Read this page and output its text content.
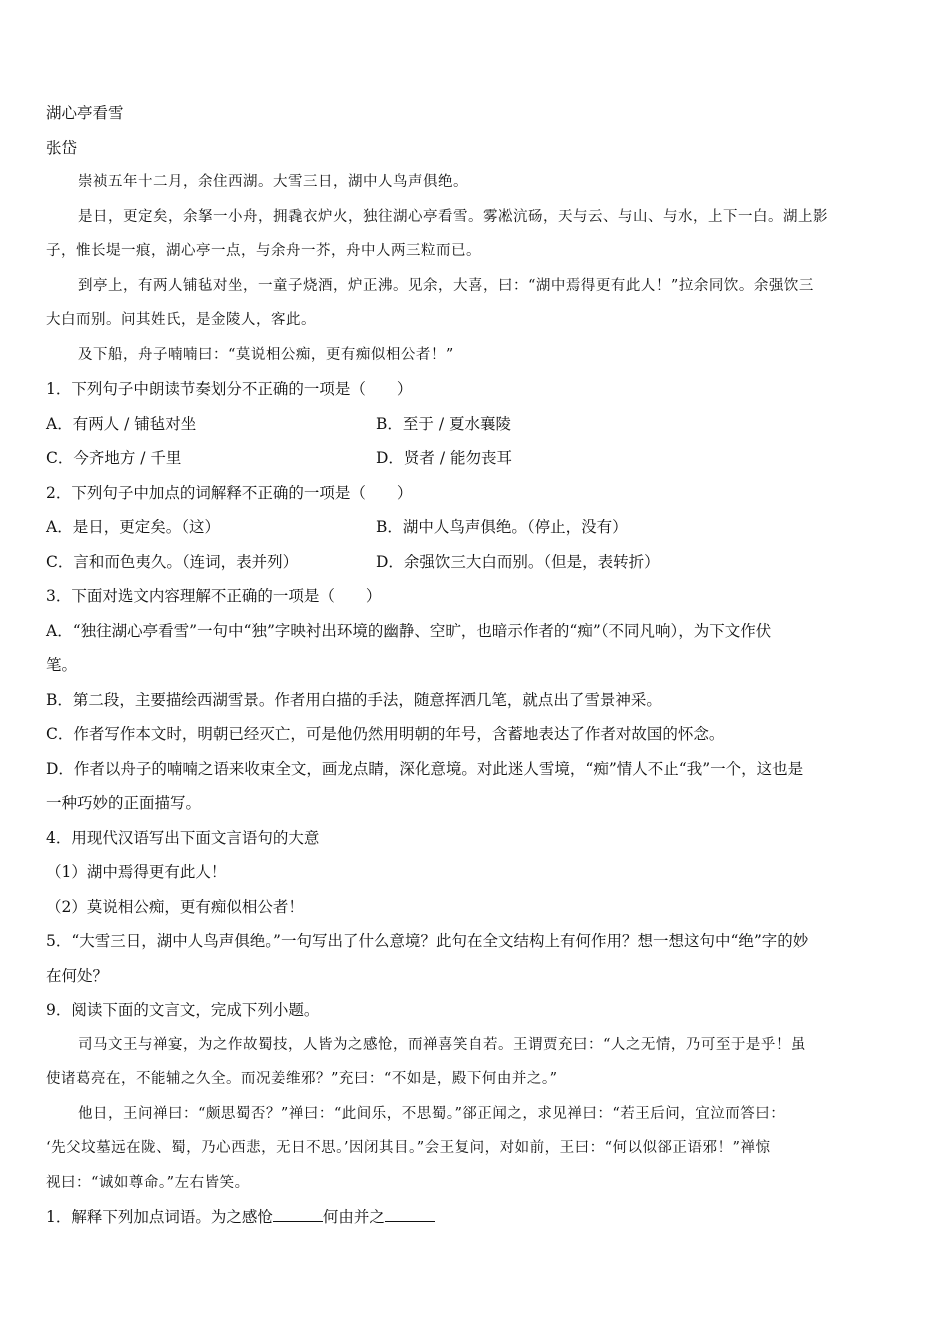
湖心亭看雪
张岱
崇祯五年十二月，余住西湖。大雪三日，湖中人鸟声俱绝。
是日，更定矣，余拏一小舟，拥毳衣炉火，独往湖心亭看雪。雾凇沆砀，天与云、与山、与水，上下一白。湖上影
子，惟长堤一痕，湖心亭一点，与余舟一芥，舟中人两三粒而已。
到亭上，有两人铺毡对坐，一童子烧酒，炉正沸。见余，大喜，曰：“湖中焉得更有此人！”拉余同饮。余强饮三
大白而别。问其姓氏，是金陵人，客此。
及下船，舟子喃喃曰：“莫说相公痴，更有痴似相公者！”
1．下列句子中朗读节奏划分不正确的一项是（　　）
A．有两人 / 铺毡对坐	B．至于 / 夏水襄陵
C．今齐地方 / 千里	D．贤者 / 能勿丧耳
2．下列句子中加点的词解释不正确的一项是（　　）
A．是日，更定矣。（这）	B．湖中人鸟声俱绝。（停止，没有）
C．言和而色夷久。（连词，表并列）	D．余强饮三大白而别。（但是，表转折）
3．下面对选文内容理解不正确的一项是（　　）
A．“独往湖心亭看雪”一句中“独”字映衬出环境的幽静、空旷，也暗示作者的“痴”（不同凡响），为下文作伏
笔。
B．第二段，主要描绘西湖雪景。作者用白描的手法，随意挥洒几笔，就点出了雪景神采。
C．作者写作本文时，明朝已经灭亡，可是他仍然用明朝的年号，含蓄地表达了作者对故国的怀念。
D．作者以舟子的喃喃之语来收束全文，画龙点睛，深化意境。对此迷人雪境，“痴”情人不止“我”一个，这也是
一种巧妙的正面描写。
4．用现代汉语写出下面文言语句的大意
（1）湖中焉得更有此人！
（2）莫说相公痴，更有痴似相公者！
5．“大雪三日，湖中人鸟声俱绝。”一句写出了什么意境？此句在全文结构上有何作用？想一想这句中“绝”字的妙
在何处？
9．阅读下面的文言文，完成下列小题。
司马文王与禅宴，为之作故蜀技，人皆为之感怆，而禅喜笑自若。王谓贾充曰：“人之无情，乃可至于是乎！虽
使诸葛亮在，不能辅之久全。而况姜维邪？”充曰：“不如是，殿下何由并之。”
他日，王问禅曰：“颇思蜀否？”禅曰：“此间乐，不思蜀。”郤正闻之，求见禅曰：“若王后问，宜泣而答曰：
‘先父坟墓远在陇、蜀，乃心西悲，无日不思。’因闭其目。”会王复问，对如前，王曰：“何以似郤正语邪！”禅惊
视曰：“诚如尊命。”左右皆笑。
1．解释下列加点词语。为之感怆	何由并之
